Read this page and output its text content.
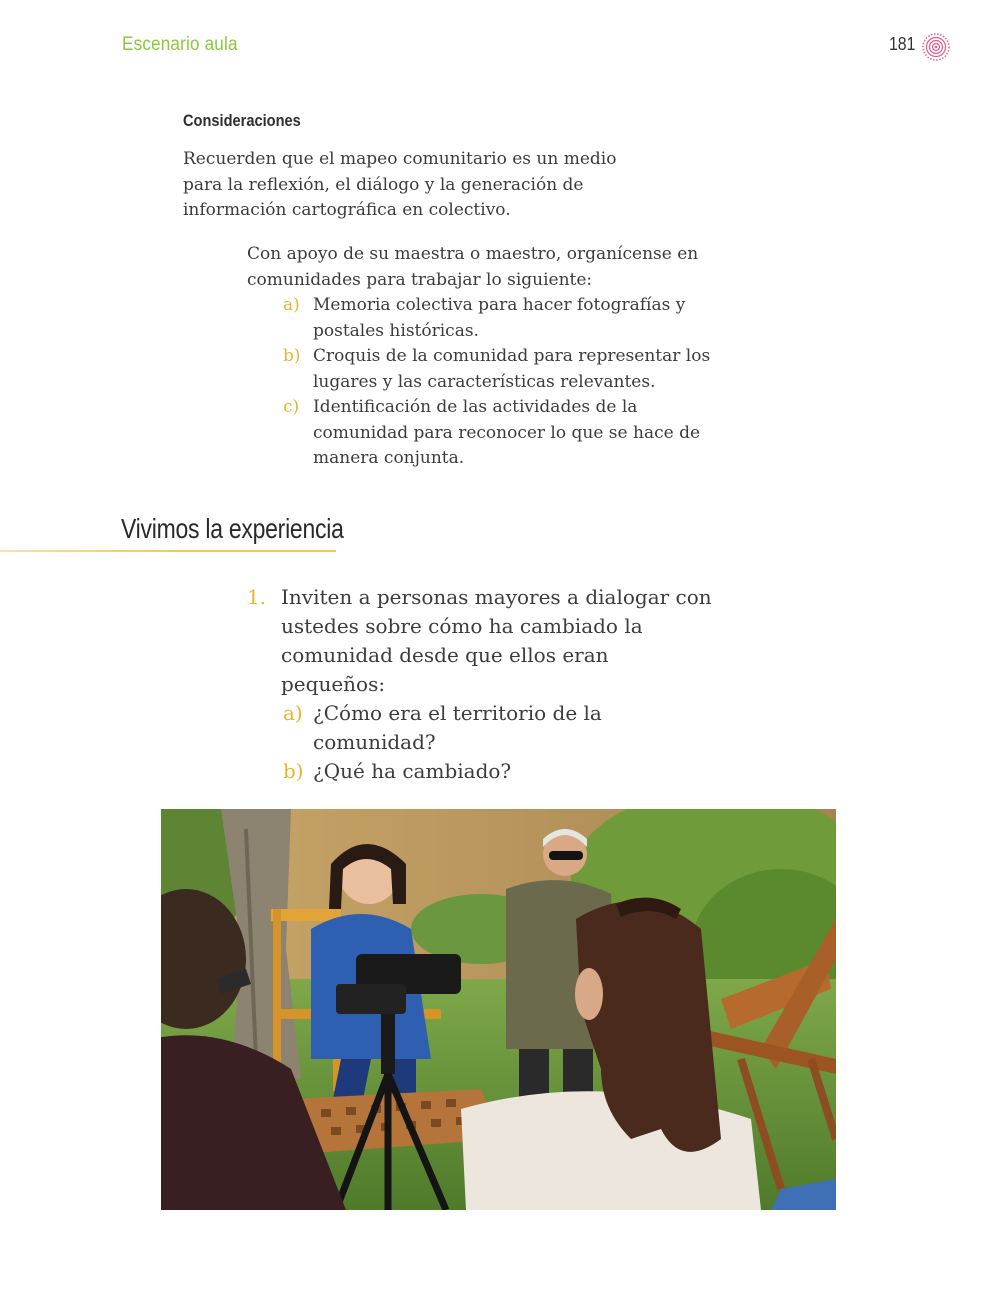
Escenario aula	181
Consideraciones

Recuerden que el mapeo comunitario es un medio para la reflexión, el diálogo y la generación de información cartográfica en colectivo.

Con apoyo de su maestra o maestro, organícense en comunidades para trabajar lo siguiente:

a) Memoria colectiva para hacer fotografías y postales históricas.
b) Croquis de la comunidad para representar los lugares y las características relevantes.
c) Identificación de las actividades de la comunidad para reconocer lo que se hace de manera conjunta.
Vivimos la experiencia
1. Inviten a personas mayores a dialogar con ustedes sobre cómo ha cambiado la comunidad desde que ellos eran pequeños:
a) ¿Cómo era el territorio de la comunidad?
b) ¿Qué ha cambiado?
